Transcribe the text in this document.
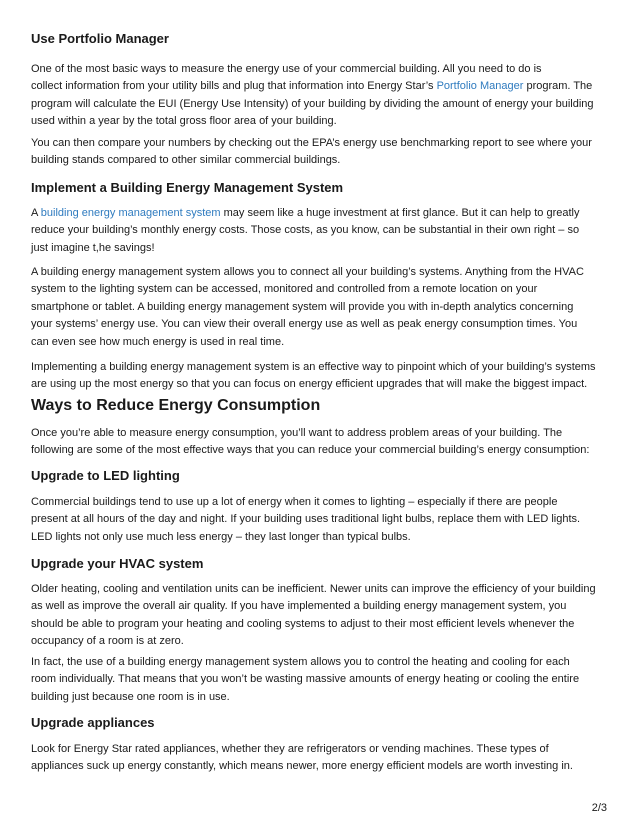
Use Portfolio Manager

One of the most basic ways to measure the energy use of your commercial building. All you need to do is
collect information from your utility bills and plug that information into Energy Star’s Portfolio Manager program. The
program will calculate the EUI (Energy Use Intensity) of your building by dividing the amount of energy your building
used within a year by the total gross floor area of your building.

You can then compare your numbers by checking out the EPA’s energy use benchmarking report to see where your
building stands compared to other similar commercial buildings.

Implement a Building Energy Management System

A building energy management system may seem like a huge investment at first glance. But it can help to greatly
reduce your building’s monthly energy costs. Those costs, as you know, can be substantial in their own right – so
just imagine t,he savings!

A building energy management system allows you to connect all your building’s systems. Anything from the HVAC
system to the lighting system can be accessed, monitored and controlled from a remote location on your
smartphone or tablet. A building energy management system will provide you with in-depth analytics concerning
your systems’ energy use. You can view their overall energy use as well as peak energy consumption times. You
can even see how much energy is used in real time.

Implementing a building energy management system is an effective way to pinpoint which of your building’s systems
are using up the most energy so that you can focus on energy efficient upgrades that will make the biggest impact.

Ways to Reduce Energy Consumption

Once you’re able to measure energy consumption, you’ll want to address problem areas of your building. The
following are some of the most effective ways that you can reduce your commercial building’s energy consumption:

Upgrade to LED lighting

Commercial buildings tend to use up a lot of energy when it comes to lighting – especially if there are people
present at all hours of the day and night. If your building uses traditional light bulbs, replace them with LED lights.
LED lights not only use much less energy – they last longer than typical bulbs.

Upgrade your HVAC system

Older heating, cooling and ventilation units can be inefficient. Newer units can improve the efficiency of your building
as well as improve the overall air quality. If you have implemented a building energy management system, you
should be able to program your heating and cooling systems to adjust to their most efficient levels whenever the
occupancy of a room is at zero.

In fact, the use of a building energy management system allows you to control the heating and cooling for each
room individually. That means that you won’t be wasting massive amounts of energy heating or cooling the entire
building just because one room is in use.

Upgrade appliances

Look for Energy Star rated appliances, whether they are refrigerators or vending machines. These types of
appliances suck up energy constantly, which means newer, more energy efficient models are worth investing in.

2/3
